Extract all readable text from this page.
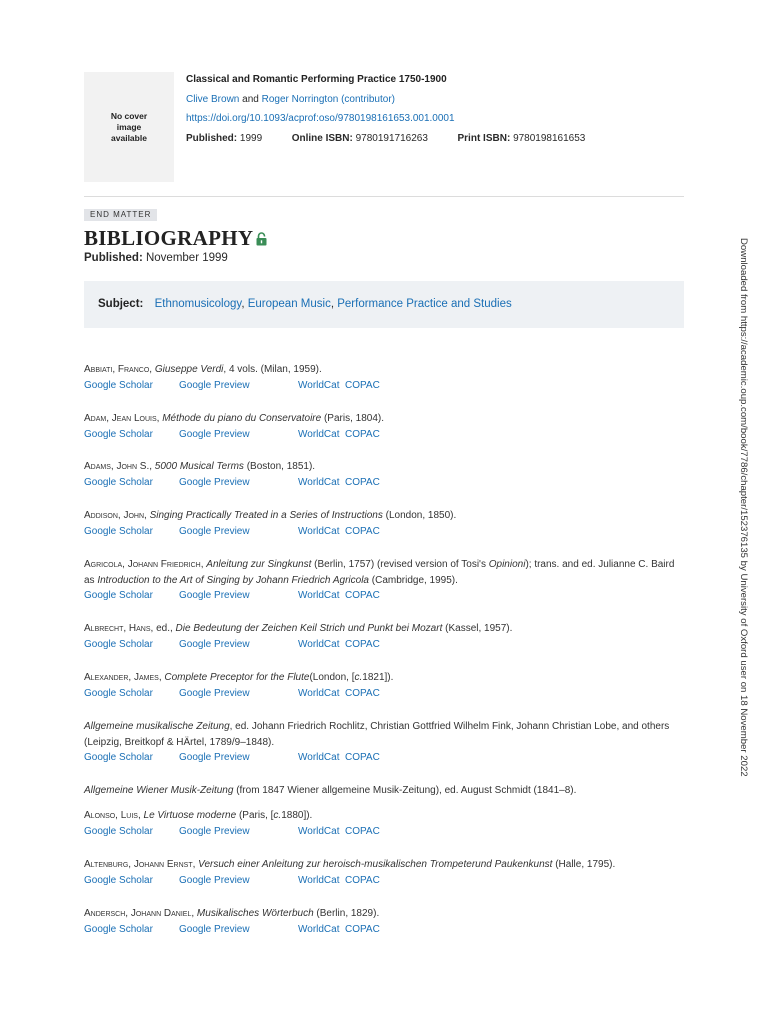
No cover image available
Classical and Romantic Performing Practice 1750-1900
Clive Brown and Roger Norrington (contributor)
https://doi.org/10.1093/acprof:oso/9780198161653.001.0001
Published: 1999	Online ISBN: 9780191716263	Print ISBN: 9780198161653
END MATTER
BIBLIOGRAPHY
Published: November 1999
Subject: Ethnomusicology, European Music, Performance Practice and Studies

Abbiati, Franco, Giuseppe Verdi, 4 vols. (Milan, 1959).

Google Scholar	Google Preview	WorldCat COPAC

Adam, Jean Louis, Méthode du piano du Conservatoire (Paris, 1804).

Google Scholar	Google Preview	WorldCat COPAC

Adams, John S., 5000 Musical Terms (Boston, 1851).

Google Scholar	Google Preview	WorldCat COPAC

Addison, John, Singing Practically Treated in a Series of Instructions (London, 1850).

Google Scholar	Google Preview	WorldCat COPAC

Agricola, Johann Friedrich, Anleitung zur Singkunst (Berlin, 1757) (revised version of Tosi's Opinioni); trans. and ed. Julianne C. Baird as Introduction to the Art of Singing by Johann Friedrich Agricola (Cambridge, 1995).

Google Scholar	Google Preview	WorldCat COPAC

Albrecht, Hans, ed., Die Bedeutung der Zeichen Keil Strich und Punkt bei Mozart (Kassel, 1957).

Google Scholar	Google Preview	WorldCat COPAC

Alexander, James, Complete Preceptor for the Flute(London, [c.1821]).

Google Scholar	Google Preview	WorldCat COPAC

Allgemeine musikalische Zeitung, ed. Johann Friedrich Rochlitz, Christian Gottfried Wilhelm Fink, Johann Christian Lobe, and others (Leipzig, Breitkopf & HÄrtel, 1789/9–1848).

Google Scholar	Google Preview	WorldCat COPAC

Allgemeine Wiener Musik-Zeitung (from 1847 Wiener allgemeine Musik-Zeitung), ed. August Schmidt (1841–8).

Alonso, Luis, Le Virtuose moderne (Paris, [c.1880]).

Google Scholar	Google Preview	WorldCat COPAC

Altenburg, Johann Ernst, Versuch einer Anleitung zur heroisch-musikalischen Trompeterund Paukenkunst (Halle, 1795).

Google Scholar	Google Preview	WorldCat COPAC

Andersch, Johann Daniel, Musikalisches Wörterbuch (Berlin, 1829).

Google Scholar	Google Preview	WorldCat COPAC
Downloaded from https://academic.oup.com/book/7786/chapter/152376135 by University of Oxford user on 18 November 2022
